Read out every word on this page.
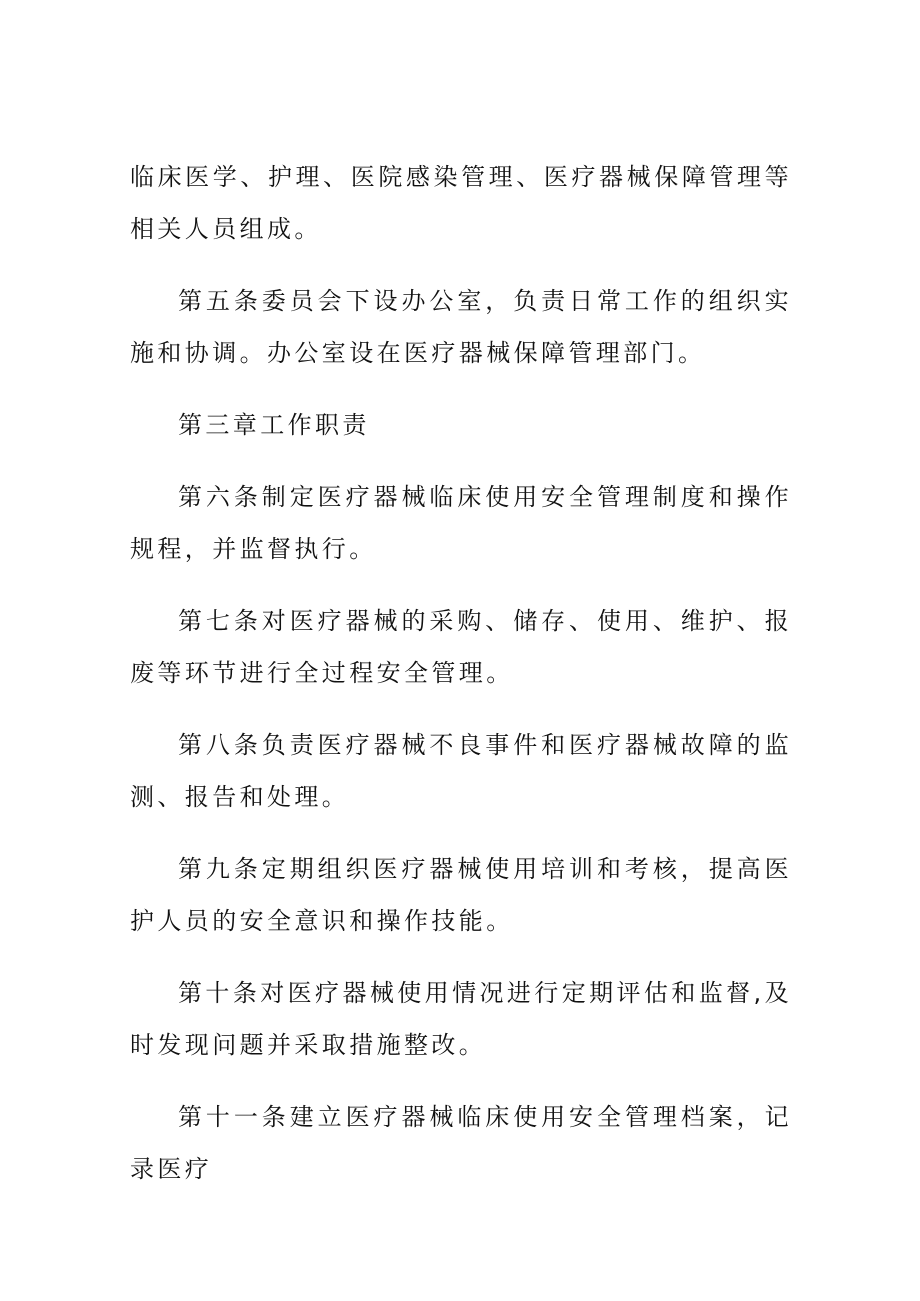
临床医学、护理、医院感染管理、医疗器械保障管理等相关人员组成。

第五条委员会下设办公室，负责日常工作的组织实施和协调。办公室设在医疗器械保障管理部门。

第三章工作职责

第六条制定医疗器械临床使用安全管理制度和操作规程，并监督执行。

第七条对医疗器械的采购、储存、使用、维护、报废等环节进行全过程安全管理。

第八条负责医疗器械不良事件和医疗器械故障的监测、报告和处理。

第九条定期组织医疗器械使用培训和考核，提高医护人员的安全意识和操作技能。

第十条对医疗器械使用情况进行定期评估和监督,及时发现问题并采取措施整改。

第十一条建立医疗器械临床使用安全管理档案，记录医疗
